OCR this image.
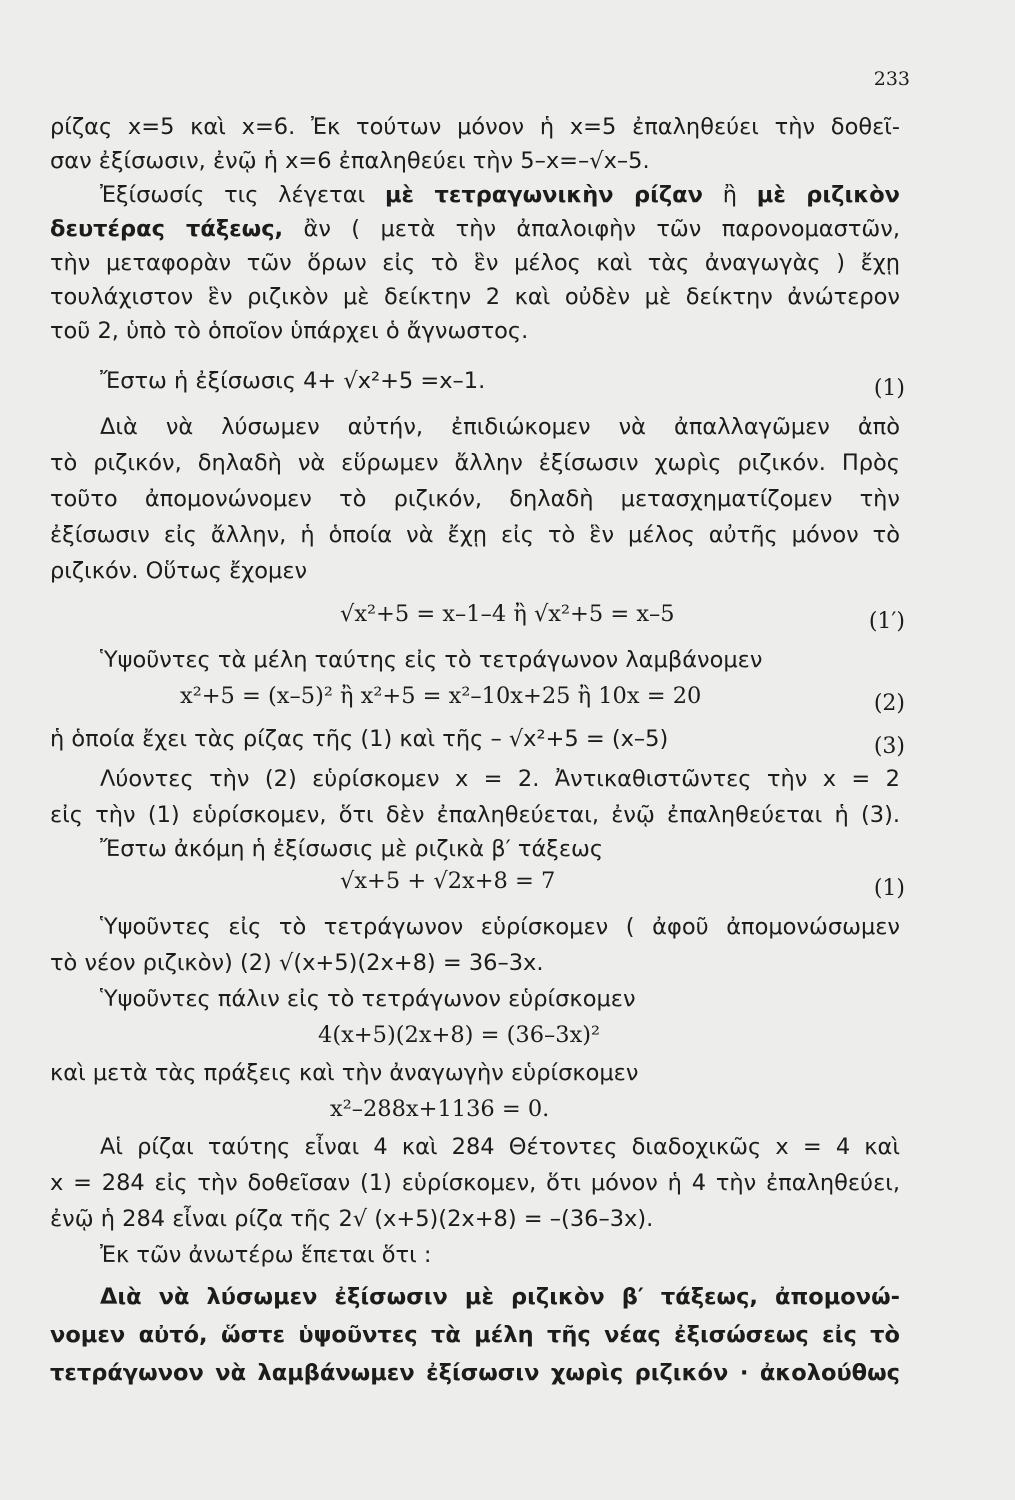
233
ρίζας x=5 καὶ x=6. Ἐκ τούτων μόνον ἡ x=5 ἐπαληθεύει τὴν δοθεῖ-
σαν ἐξίσωσιν, ἐνῷ ἡ x=6 ἐπαληθεύει τὴν 5–x=–√x–5.
Ἐξίσωσίς τις λέγεται μὲ τετραγωνικὴν ρίζαν ἢ μὲ ριζικὸν
δευτέρας τάξεως, ἂν ( μετὰ τὴν ἀπαλοιφὴν τῶν παρονομαστῶν,
τὴν μεταφορὰν τῶν ὅρων εἰς τὸ ἓν μέλος καὶ τὰς ἀναγωγὰς ) ἔχῃ
τουλάχιστον ἓν ριζικὸν μὲ δείκτην 2 καὶ οὐδὲν μὲ δείκτην ἀνώτερον
τοῦ 2, ὑπὸ τὸ ὁποῖον ὑπάρχει ὁ ἄγνωστος.
Ἔστω ἡ ἐξίσωσις 4+ √x²+5 =x–1.	(1)
Διὰ νὰ λύσωμεν αὐτήν, ἐπιδιώκομεν νὰ ἀπαλλαγῶμεν ἀπὸ
τὸ ριζικόν, δηλαδὴ νὰ εὕρωμεν ἄλλην ἐξίσωσιν χωρὶς ριζικόν. Πρὸς
τοῦτο ἀπομονώνομεν τὸ ριζικόν, δηλαδὴ μετασχηματίζομεν τὴν
ἐξίσωσιν εἰς ἄλλην, ἡ ὁποία νὰ ἔχῃ εἰς τὸ ἓν μέλος αὐτῆς μόνον τὸ
ριζικόν. Οὕτως ἔχομεν
√x²+5 = x–1–4 ἢ √x²+5 = x–5	(1′)
Ὑψοῦντες τὰ μέλη ταύτης εἰς τὸ τετράγωνον λαμβάνομεν
x²+5 = (x–5)² ἢ x²+5 = x²–10x+25 ἢ 10x = 20	(2)
ἡ ὁποία ἔχει τὰς ρίζας τῆς (1) καὶ τῆς – √x²+5 = (x–5)	(3)
Λύοντες τὴν (2) εὑρίσκομεν x = 2. Ἀντικαθιστῶντες τὴν x = 2
εἰς τὴν (1) εὑρίσκομεν, ὅτι δὲν ἐπαληθεύεται, ἐνῷ ἐπαληθεύεται ἡ (3).
Ἔστω ἀκόμη ἡ ἐξίσωσις μὲ ριζικὰ β′ τάξεως
√x+5 + √2x+8 = 7	(1)
Ὑψοῦντες εἰς τὸ τετράγωνον εὑρίσκομεν ( ἀφοῦ ἀπομονώσωμεν
τὸ νέον ριζικὸν) (2) √(x+5)(2x+8) = 36–3x.
Ὑψοῦντες πάλιν εἰς τὸ τετράγωνον εὑρίσκομεν
4(x+5)(2x+8) = (36–3x)²
καὶ μετὰ τὰς πράξεις καὶ τὴν ἀναγωγὴν εὑρίσκομεν
x²–288x+1136 = 0.
Αἱ ρίζαι ταύτης εἶναι 4 καὶ 284 Θέτοντες διαδοχικῶς x = 4 καὶ
x = 284 εἰς τὴν δοθεῖσαν (1) εὑρίσκομεν, ὅτι μόνον ἡ 4 τὴν ἐπαληθεύει,
ἐνῷ ἡ 284 εἶναι ρίζα τῆς 2√ (x+5)(2x+8) = –(36–3x).
Ἐκ τῶν ἀνωτέρω ἕπεται ὅτι :
Διὰ νὰ λύσωμεν ἐξίσωσιν μὲ ριζικὸν β′ τάξεως, ἀπομονώ-
νομεν αὐτό, ὥστε ὑψοῦντες τὰ μέλη τῆς νέας ἐξισώσεως εἰς τὸ
τετράγωνον νὰ λαμβάνωμεν ἐξίσωσιν χωρὶς ριζικόν · ἀκολούθως
